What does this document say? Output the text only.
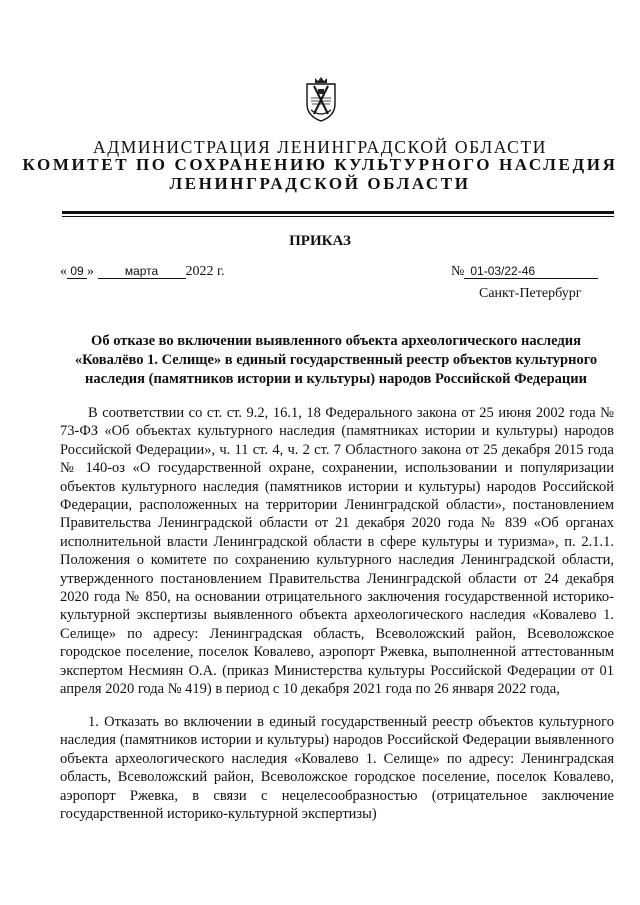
АДМИНИСТРАЦИЯ ЛЕНИНГРАДСКОЙ ОБЛАСТИ
КОМИТЕТ ПО СОХРАНЕНИЮ КУЛЬТУРНОГО НАСЛЕДИЯ
ЛЕНИНГРАДСКОЙ ОБЛАСТИ
ПРИКАЗ
« 09 »	марта 2022 г.	№ 01-03/22-46
Санкт-Петербург
Об отказе во включении выявленного объекта археологического наследия «Ковалёво 1. Селище» в единый государственный реестр объектов культурного наследия (памятников истории и культуры) народов Российской Федерации

В соответствии со ст. ст. 9.2, 16.1, 18 Федерального закона от 25 июня 2002 года № 73-ФЗ «Об объектах культурного наследия (памятниках истории и культуры) народов Российской Федерации», ч. 11 ст. 4, ч. 2 ст. 7 Областного закона от 25 декабря 2015 года № 140-оз «О государственной охране, сохранении, использовании и популяризации объектов культурного наследия (памятников истории и культуры) народов Российской Федерации, расположенных на территории Ленинградской области», постановлением Правительства Ленинградской области от 21 декабря 2020 года № 839 «Об органах исполнительной власти Ленинградской области в сфере культуры и туризма», п. 2.1.1. Положения о комитете по сохранению культурного наследия Ленинградской области, утвержденного постановлением Правительства Ленинградской области от 24 декабря 2020 года № 850, на основании отрицательного заключения государственной историко-культурной экспертизы выявленного объекта археологического наследия «Ковалево 1. Селище» по адресу: Ленинградская область, Всеволожский район, Всеволожское городское поселение, поселок Ковалево, аэропорт Ржевка, выполненной аттестованным экспертом Несмиян О.А. (приказ Министерства культуры Российской Федерации от 01 апреля 2020 года № 419) в период с 10 декабря 2021 года по 26 января 2022 года,

1. Отказать во включении в единый государственный реестр объектов культурного наследия (памятников истории и культуры) народов Российской Федерации выявленного объекта археологического наследия «Ковалево 1. Селище» по адресу: Ленинградская область, Всеволожский район, Всеволожское городское поселение, поселок Ковалево, аэропорт Ржевка, в связи с нецелесообразностью (отрицательное заключение государственной историко-культурной экспертизы)
